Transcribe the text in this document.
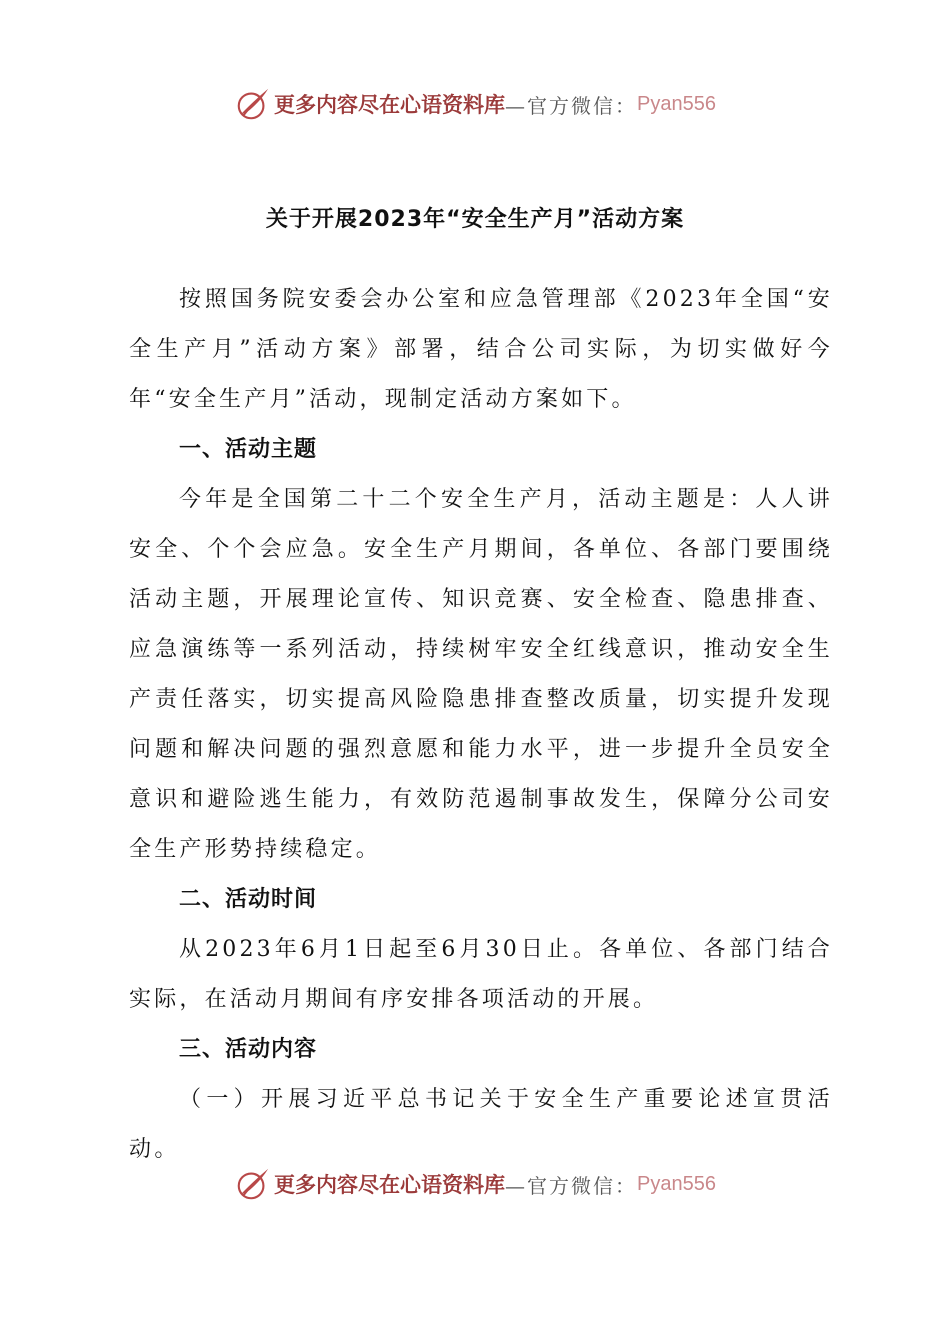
更多内容尽在心语资料库 —官方微信： Pyan556
关于开展2023年“安全生产月”活动方案

按照国务院安委会办公室和应急管理部《2023年全国“安全生产月”活动方案》部署，结合公司实际，为切实做好今年“安全生产月”活动，现制定活动方案如下。

一、活动主题

今年是全国第二十二个安全生产月，活动主题是：人人讲安全、个个会应急。安全生产月期间，各单位、各部门要围绕活动主题，开展理论宣传、知识竞赛、安全检查、隐患排查、应急演练等一系列活动，持续树牢安全红线意识，推动安全生产责任落实，切实提高风险隐患排查整改质量，切实提升发现问题和解决问题的强烈意愿和能力水平，进一步提升全员安全意识和避险逃生能力，有效防范遏制事故发生，保障分公司安全生产形势持续稳定。

二、活动时间

从2023年6月1日起至6月30日止。各单位、各部门结合实际，在活动月期间有序安排各项活动的开展。

三、活动内容

（一）开展习近平总书记关于安全生产重要论述宣贯活动。

更多内容尽在心语资料库 —官方微信： Pyan556
